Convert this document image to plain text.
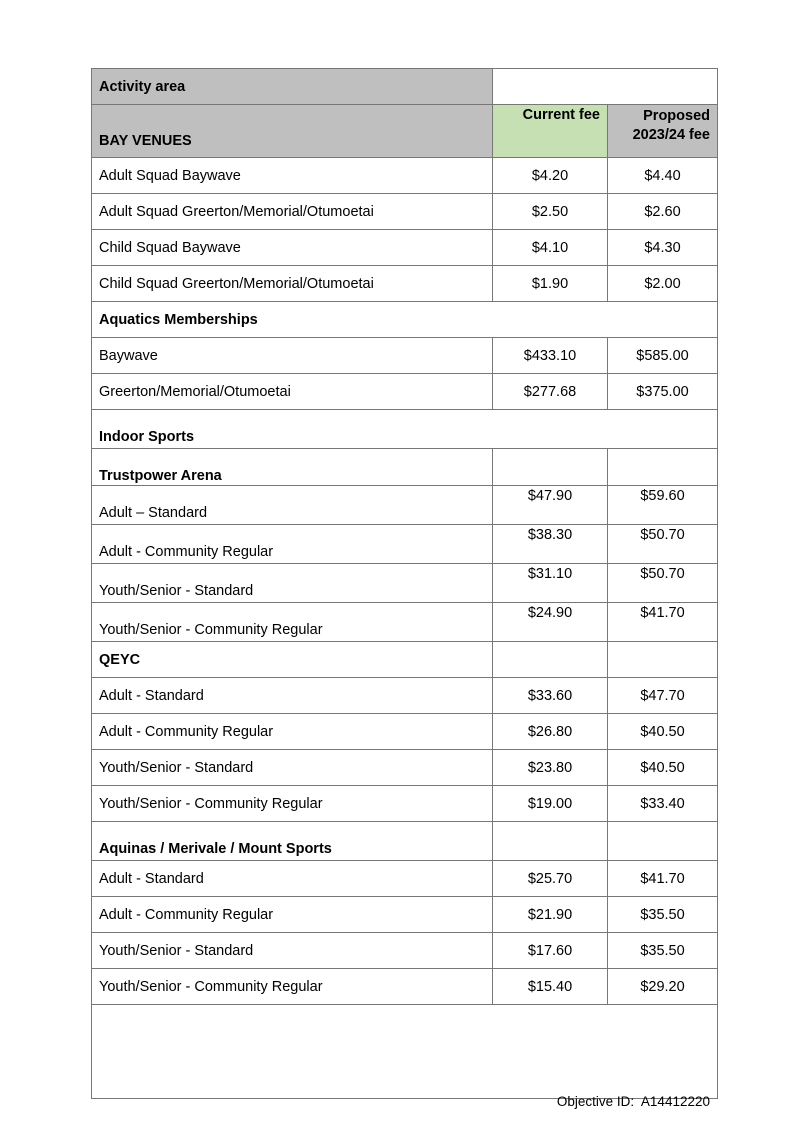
Activity area		
BAY VENUES	Current fee	Proposed 2023/24 fee
Adult Squad Baywave	$4.20	$4.40
Adult Squad Greerton/Memorial/Otumoetai	$2.50	$2.60
Child Squad Baywave	$4.10	$4.30
Child Squad Greerton/Memorial/Otumoetai	$1.90	$2.00
Aquatics Memberships		
Baywave	$433.10	$585.00
Greerton/Memorial/Otumoetai	$277.68	$375.00
Indoor Sports		
Trustpower Arena		
Adult – Standard	$47.90	$59.60
Adult - Community Regular	$38.30	$50.70
Youth/Senior - Standard	$31.10	$50.70
Youth/Senior - Community Regular	$24.90	$41.70
QEYC		
Adult - Standard	$33.60	$47.70
Adult - Community Regular	$26.80	$40.50
Youth/Senior - Standard	$23.80	$40.50
Youth/Senior - Community Regular	$19.00	$33.40
Aquinas / Merivale / Mount Sports		
Adult - Standard	$25.70	$41.70
Adult - Community Regular	$21.90	$35.50
Youth/Senior - Standard	$17.60	$35.50
Youth/Senior - Community Regular	$15.40	$29.20

Objective ID: A14412220
